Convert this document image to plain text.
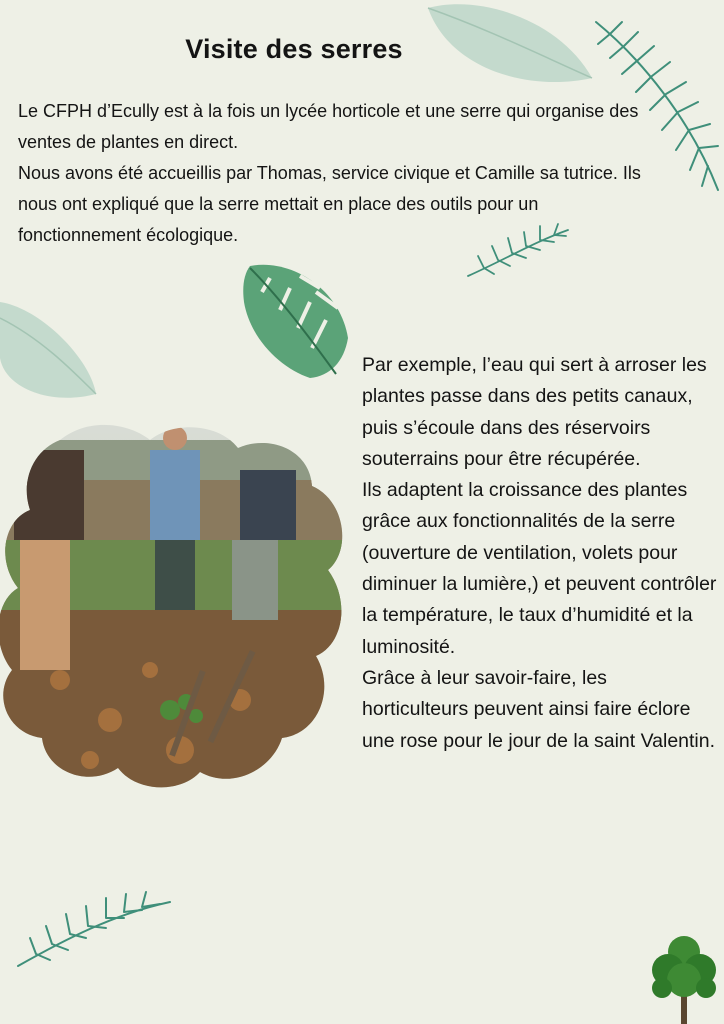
Visite des serres

Le CFPH d’Ecully est à la fois un lycée horticole et une serre qui organise des ventes de plantes en direct.

Nous avons été accueillis par Thomas, service civique et Camille sa tutrice. Ils nous ont expliqué que la serre mettait en place des outils pour un fonctionnement écologique.

Par exemple, l’eau qui sert à arroser les plantes passe dans des petits canaux, puis s’écoule dans des réservoirs souterrains pour être récupérée.

Ils adaptent la croissance des plantes grâce aux fonctionnalités de la serre (ouverture de ventilation, volets pour diminuer la lumière,) et peuvent contrôler la température, le taux d’humidité et la luminosité.

Grâce à leur savoir-faire, les horticulteurs peuvent ainsi faire éclore une rose pour le jour de la saint Valentin.
